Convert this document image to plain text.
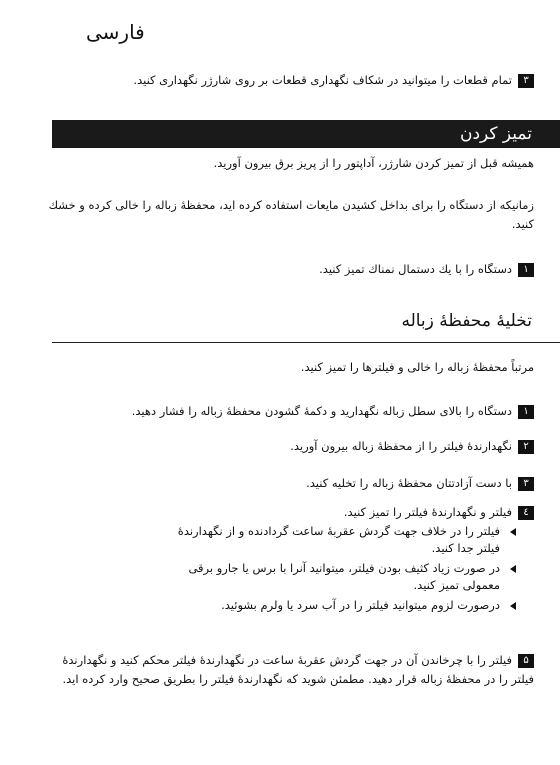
فارسی
۳تمام قطعات را میتوانید در شکاف نگهداری قطعات بر روی شارژر نگهداری کنید.
تمیز کردن
همیشه قبل از تمیز کردن شارژر، آداپتور را از پریز برق بیرون آورید.
زمانیکه از دستگاه را برای بداخل کشیدن مایعات استفاده کرده اید، محفظهٔ زباله را خالی کرده و خشك کنید.
۱دستگاه را با یك دستمال نمناك تميز کنيد.
تخلیهٔ محفظهٔ زباله
مرتباً محفظهٔ زباله را خالی و فیلترها را تمیز کنید.
۱دستگاه را بالای سطل زباله نگهدارید و دکمهٔ گشودن محفظهٔ زباله را فشار دهید.
۲نگهدارندهٔ فیلتر را از محفظهٔ زباله بیرون آورید.
۳با دست آزادتتان محفظهٔ زباله را تخلیه کنید.
٤فیلتر و نگهدارندهٔ فیلتر را تمیز کنید.
فیلتر را در خلاف جهت گردش عقربهٔ ساعت گردادنده و از نگهدارندهٔ فیلتر جدا کنید.
در صورت زیاد کثیف بودن فیلتر، میتوانید آنرا با برس یا جارو برقی معمولی تمیز کنید.
درصورت لزوم میتوانید فیلتر را در آب سرد یا ولرم بشوئید.
۵فیلتر را با چرخاندن آن در جهت گردش عقربهٔ ساعت در نگهدارندهٔ فیلتر محکم کنید و نگهدارندهٔ فیلتر را در محفظهٔ زباله قرار دهید. مطمئن شوید که نگهدارندهٔ فیلتر را بطریق صحیح وارد کرده اید.
